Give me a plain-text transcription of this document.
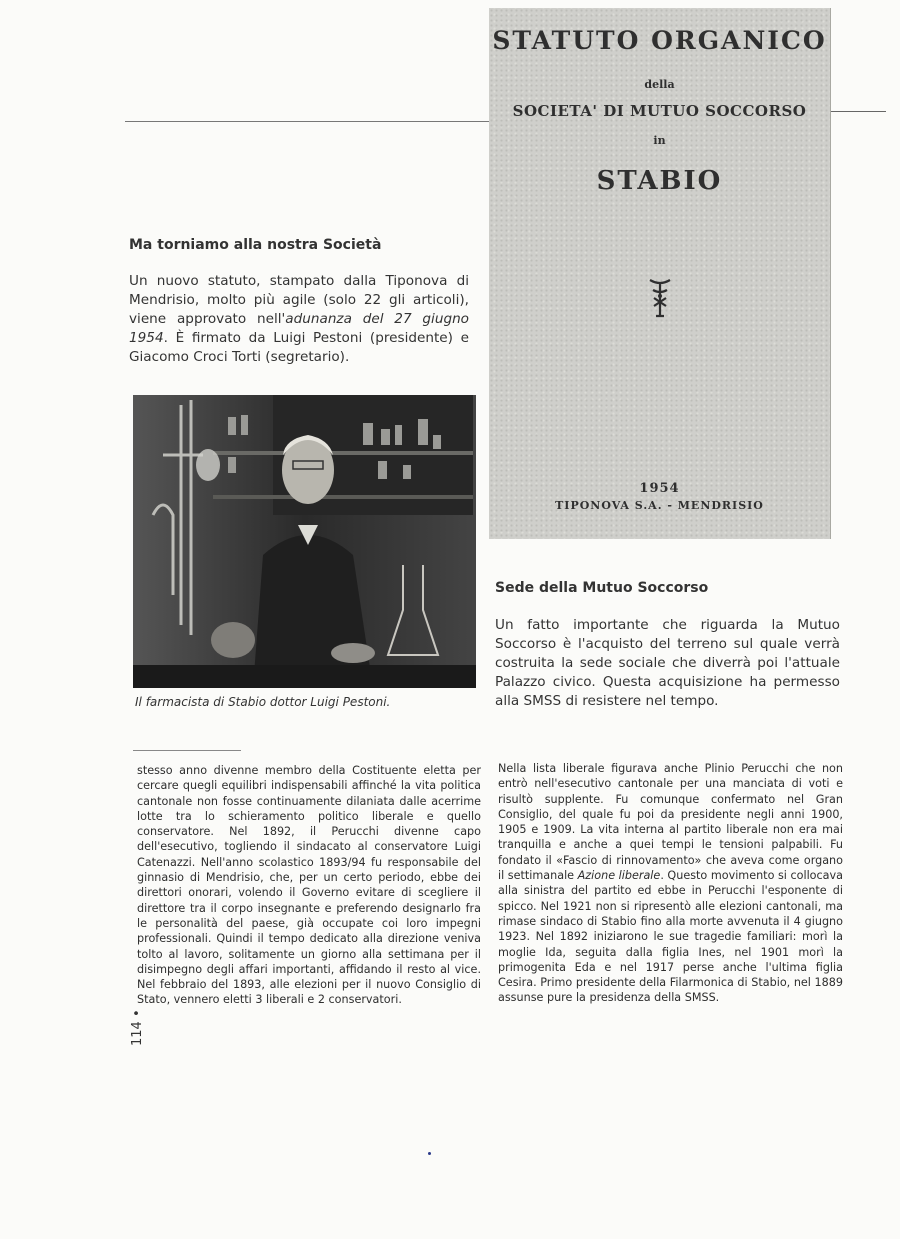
STATUTO ORGANICO
della
SOCIETA' DI MUTUO SOCCORSO
in
STABIO
1954
TIPONOVA S.A. - MENDRISIO
Ma torniamo alla nostra Società

Un nuovo statuto, stampato dalla Tiponova di Mendrisio, molto più agile (solo 22 gli articoli), viene approvato nell'adunanza del 27 giugno 1954. È firmato da Luigi Pestoni (presidente) e Giacomo Croci Torti (segretario).

Il farmacista di Stabio dottor Luigi Pestoni.
Sede della Mutuo Soccorso

Un fatto importante che riguarda la Mutuo Soccorso è l'acquisto del terreno sul quale verrà costruita la sede sociale che diverrà poi l'attuale Palazzo civico. Questa acquisizione ha permesso alla SMSS di resistere nel tempo.

stesso anno divenne membro della Costituente eletta per cercare quegli equilibri indispensabili affinché la vita politica cantonale non fosse continuamente dilaniata dalle acerrime lotte tra lo schieramento politico liberale e quello conservatore. Nel 1892, il Perucchi divenne capo dell'esecutivo, togliendo il sindacato al conservatore Luigi Catenazzi. Nell'anno scolastico 1893/94 fu responsabile del ginnasio di Mendrisio, che, per un certo periodo, ebbe dei direttori onorari, volendo il Governo evitare di scegliere il direttore tra il corpo insegnante e preferendo designarlo fra le personalità del paese, già occupate coi loro impegni professionali. Quindi il tempo dedicato alla direzione veniva tolto al lavoro, solitamente un giorno alla settimana per il disimpegno degli affari importanti, affidando il resto al vice. Nel febbraio del 1893, alle elezioni per il nuovo Consiglio di Stato, vennero eletti 3 liberali e 2 conservatori.

Nella lista liberale figurava anche Plinio Perucchi che non entrò nell'esecutivo cantonale per una manciata di voti e risultò supplente. Fu comunque confermato nel Gran Consiglio, del quale fu poi da presidente negli anni 1900, 1905 e 1909. La vita interna al partito liberale non era mai tranquilla e anche a quei tempi le tensioni palpabili. Fu fondato il «Fascio di rinnovamento» che aveva come organo il settimanale Azione liberale. Questo movimento si collocava alla sinistra del partito ed ebbe in Perucchi l'esponente di spicco. Nel 1921 non si ripresentò alle elezioni cantonali, ma rimase sindaco di Stabio fino alla morte avvenuta il 4 giugno 1923. Nel 1892 iniziarono le sue tragedie familiari: morì la moglie Ida, seguita dalla figlia Ines, nel 1901 morì la primogenita Eda e nel 1917 perse anche l'ultima figlia Cesira. Primo presidente della Filarmonica di Stabio, nel 1889 assunse pure la presidenza della SMSS.

114 •
